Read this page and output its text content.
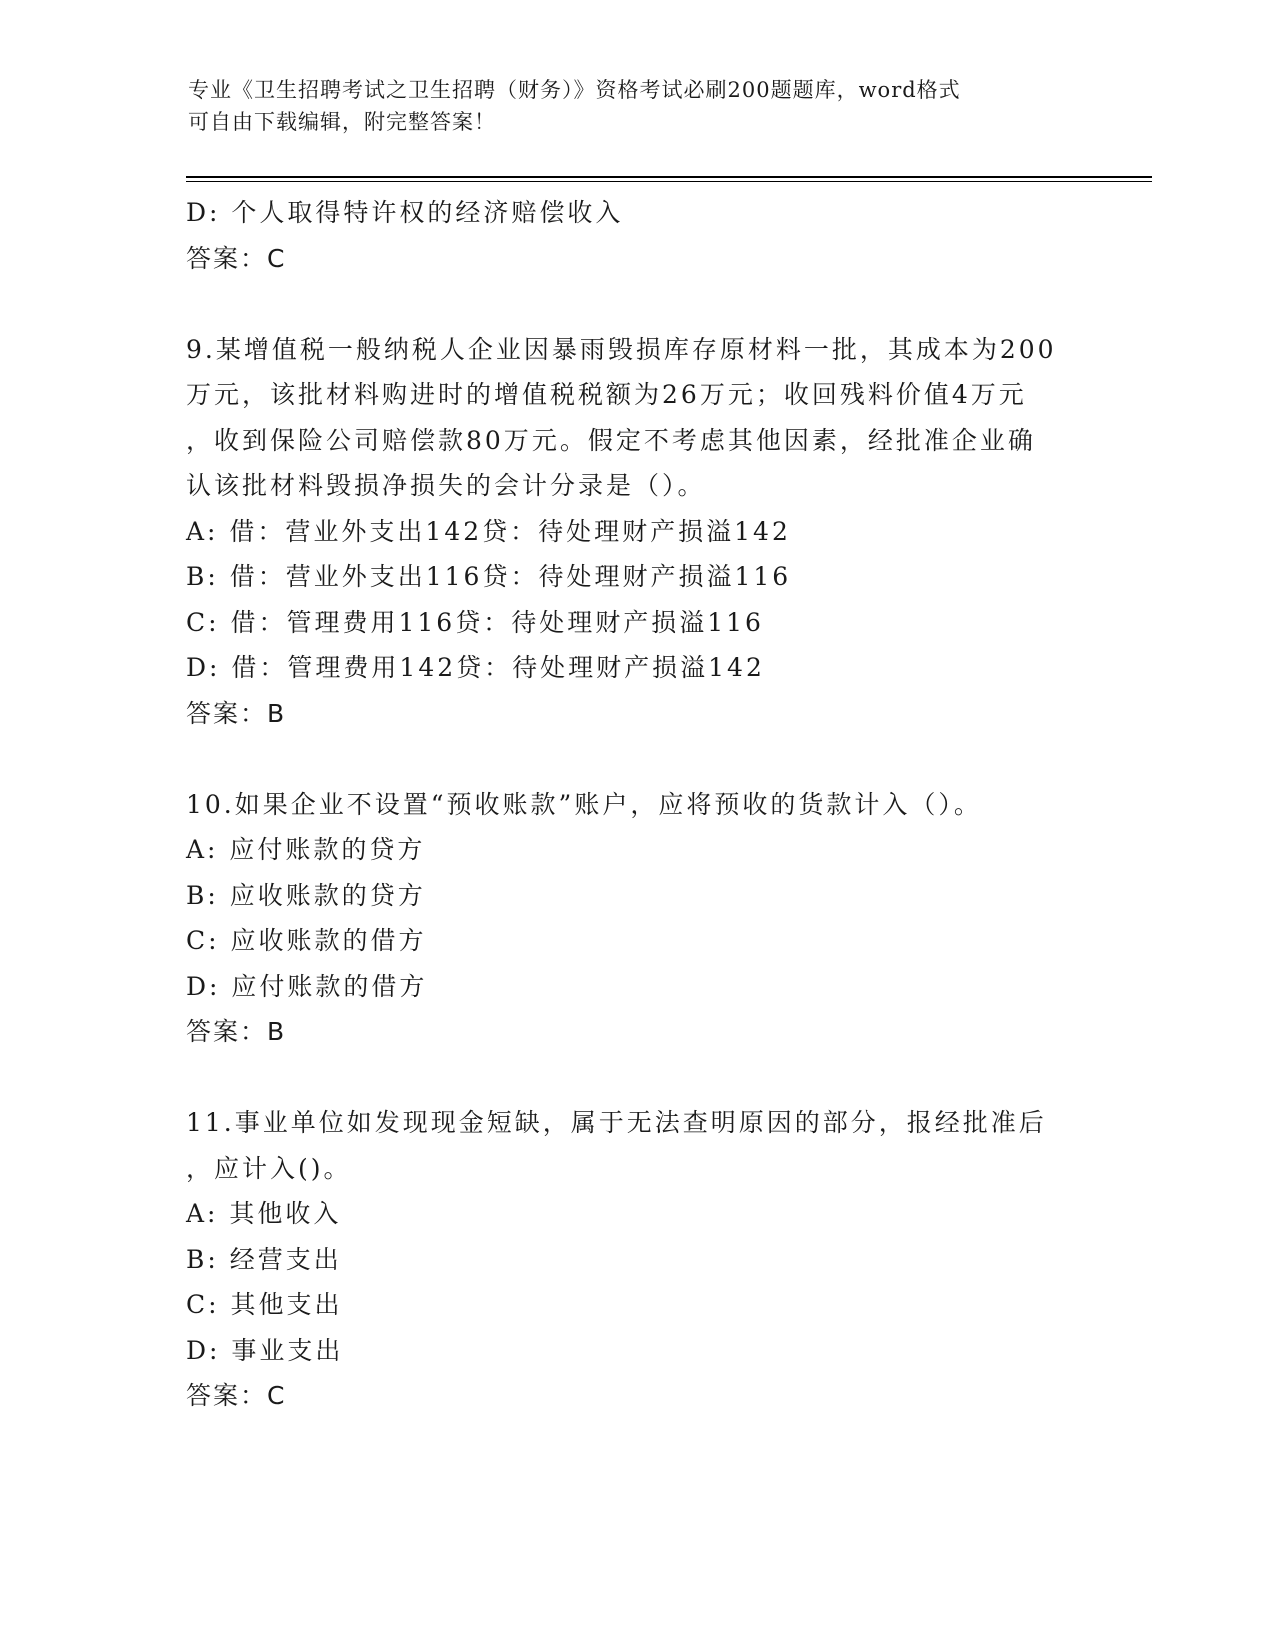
专业《卫生招聘考试之卫生招聘（财务）》资格考试必刷200题题库，word格式
可自由下载编辑，附完整答案！
D: 个人取得特许权的经济赔偿收入
答案：C
9.某增值税一般纳税人企业因暴雨毁损库存原材料一批，其成本为200
万元，该批材料购进时的增值税税额为26万元；收回残料价值4万元
，收到保险公司赔偿款80万元。假定不考虑其他因素，经批准企业确
认该批材料毁损净损失的会计分录是（）。
A: 借：营业外支出142贷：待处理财产损溢142
B: 借：营业外支出116贷：待处理财产损溢116
C: 借：管理费用116贷：待处理财产损溢116
D: 借：管理费用142贷：待处理财产损溢142
答案：B
10.如果企业不设置“预收账款”账户，应将预收的货款计入（）。
A: 应付账款的贷方
B: 应收账款的贷方
C: 应收账款的借方
D: 应付账款的借方
答案：B
11.事业单位如发现现金短缺，属于无法查明原因的部分，报经批准后
，应计入()。
A: 其他收入
B: 经营支出
C: 其他支出
D: 事业支出
答案：C
